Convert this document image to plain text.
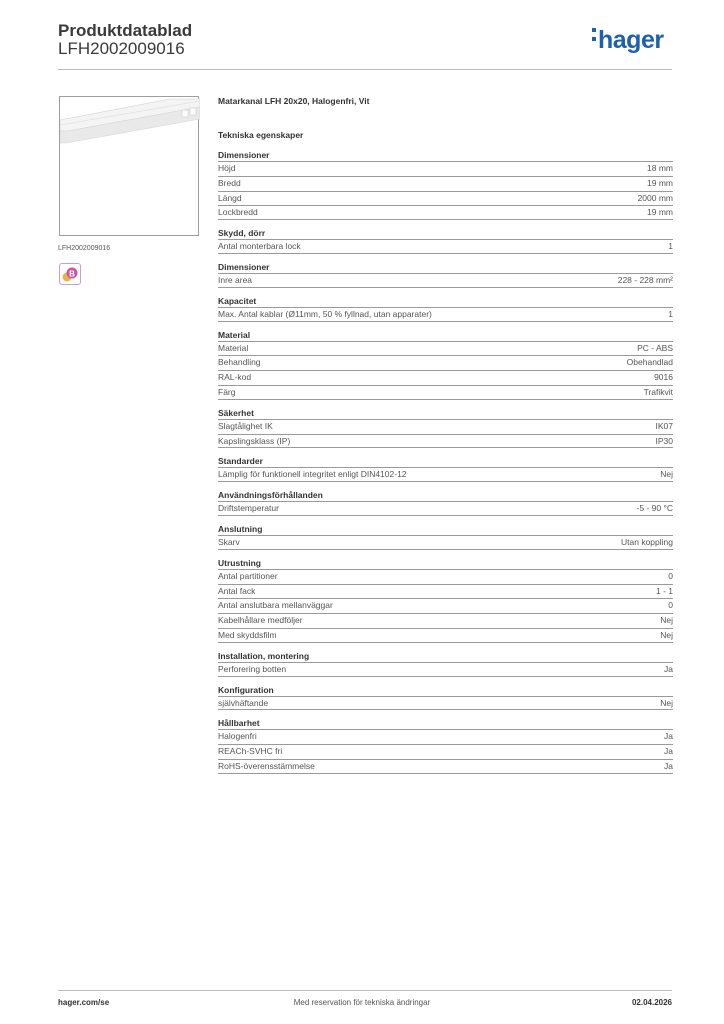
Produktdatablad
LFH2002009016	hager
LFH2002009016
B
Matarkanal LFH 20x20, Halogenfri, Vit
Tekniska egenskaper
Dimensioner
Höjd	18 mm
Bredd	19 mm
Längd	2000 mm
Lockbredd	19 mm
Skydd, dörr
Antal monterbara lock	1
Dimensioner
Inre area	228 - 228 mm²
Kapacitet
Max. Antal kablar (Ø11mm, 50 % fyllnad, utan apparater)	1
Material
Material	PC - ABS
Behandling	Obehandlad
RAL-kod	9016
Färg	Trafikvit
Säkerhet
Slagtålighet IK	IK07
Kapslingsklass (IP)	IP30
Standarder
Lämplig för funktionell integritet enligt DIN4102-12	Nej
Användningsförhållanden
Driftstemperatur	-5 - 90 °C
Anslutning
Skarv	Utan koppling
Utrustning
Antal partitioner	0
Antal fack	1 - 1
Antal anslutbara mellanväggar	0
Kabelhållare medföljer	Nej
Med skyddsfilm	Nej
Installation, montering
Perforering botten	Ja
Konfiguration
självhäftande	Nej
Hållbarhet
Halogenfri	Ja
REACh-SVHC fri	Ja
RoHS-överensstämmelse	Ja
hager.com/se	Med reservation för tekniska ändringar	02.04.2026
